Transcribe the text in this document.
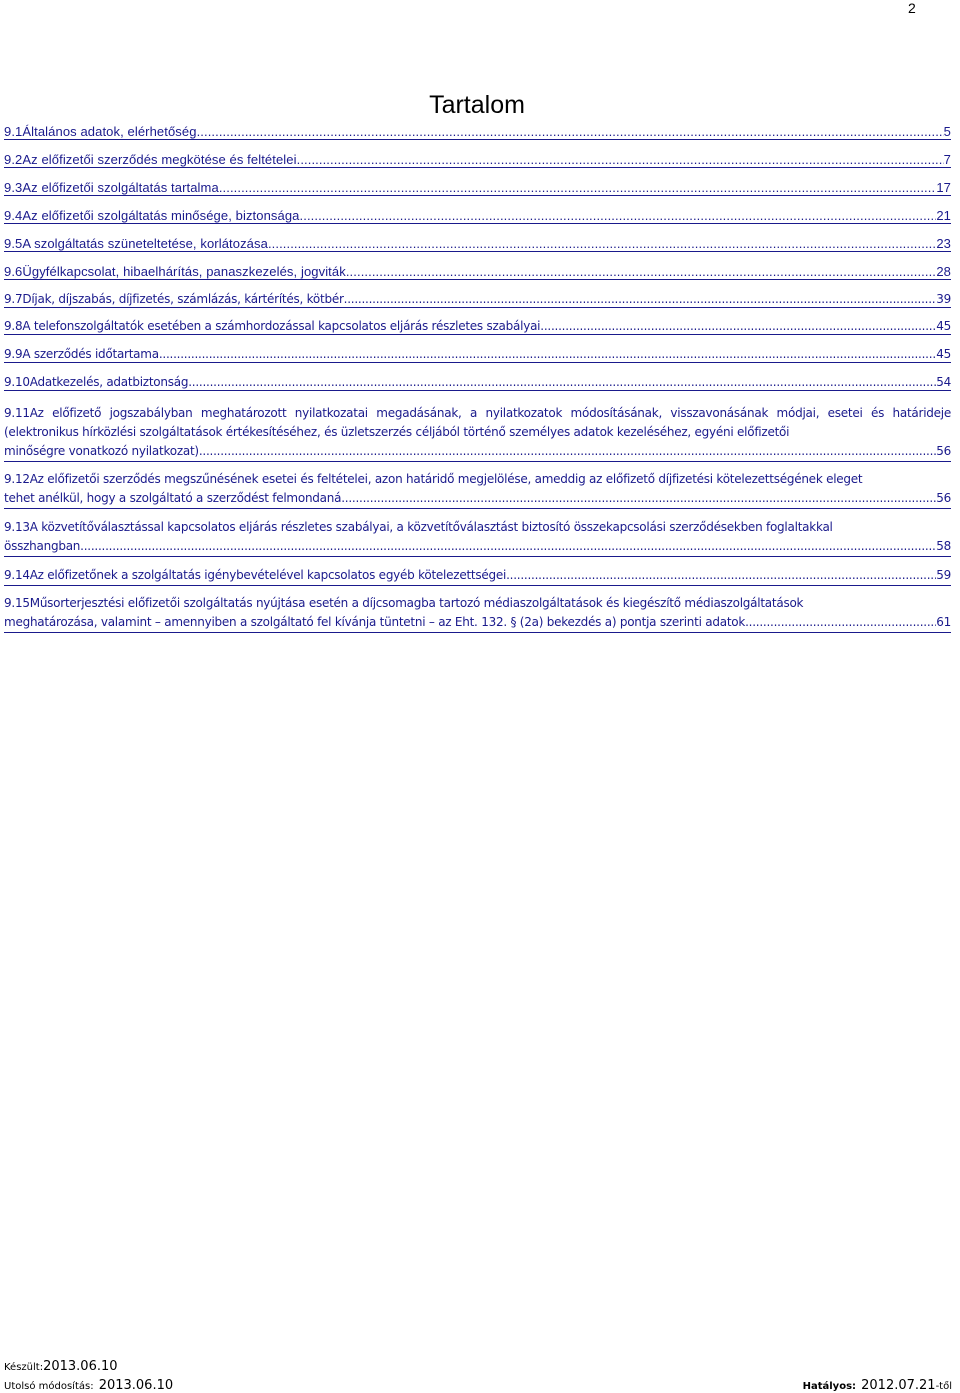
2
Tartalom
9.1Általános adatok, elérhetőség .....	5
9.2Az előfizetői szerződés megkötése és feltételei .....	7
9.3Az előfizetői szolgáltatás tartalma .....	17
9.4Az előfizetői szolgáltatás minősége, biztonsága .....	21
9.5A szolgáltatás szüneteltetése, korlátozása .....	23
9.6Ügyfélkapcsolat, hibaelhárítás, panaszkezelés, jogviták .....	28
9.7Díjak, díjszabás, díjfizetés, számlázás, kártérítés, kötbér .....	39
9.8A telefonszolgáltatók esetében a számhordozással kapcsolatos eljárás részletes szabályai .....	45
9.9A szerződés időtartama .....	45
9.10Adatkezelés, adatbiztonság .....	54
9.11Az előfizető jogszabályban meghatározott nyilatkozatai megadásának, a nyilatkozatok módosításának, visszavonásának módjai, esetei és határideje (elektronikus hírközlési szolgáltatások értékesítéséhez, és üzletszerzés céljából történő személyes adatok kezeléséhez, egyéni előfizetői
minőségre vonatkozó nyilatkozat) .....	56
9.12Az előfizetői szerződés megszűnésének esetei és feltételei, azon határidő megjelölése, ameddig az előfizető díjfizetési kötelezettségének eleget
tehet anélkül, hogy a szolgáltató a szerződést felmondaná .....	56
9.13A közvetítőválasztással kapcsolatos eljárás részletes szabályai, a közvetítőválasztást biztosító összekapcsolási szerződésekben foglaltakkal
összhangban .....	58
9.14Az előfizetőnek a szolgáltatás igénybevételével kapcsolatos egyéb kötelezettségei .....	59
9.15Műsorterjesztési előfizetői szolgáltatás nyújtása esetén a díjcsomagba tartozó médiaszolgáltatások és kiegészítő médiaszolgáltatások
meghatározása, valamint – amennyiben a szolgáltató fel kívánja tüntetni – az Eht. 132. § (2a) bekezdés a) pontja szerinti adatok .....	61
Készült:2013.06.10
Utolsó módosítás: 2013.06.10	Hatályos: 2012.07.21-től
